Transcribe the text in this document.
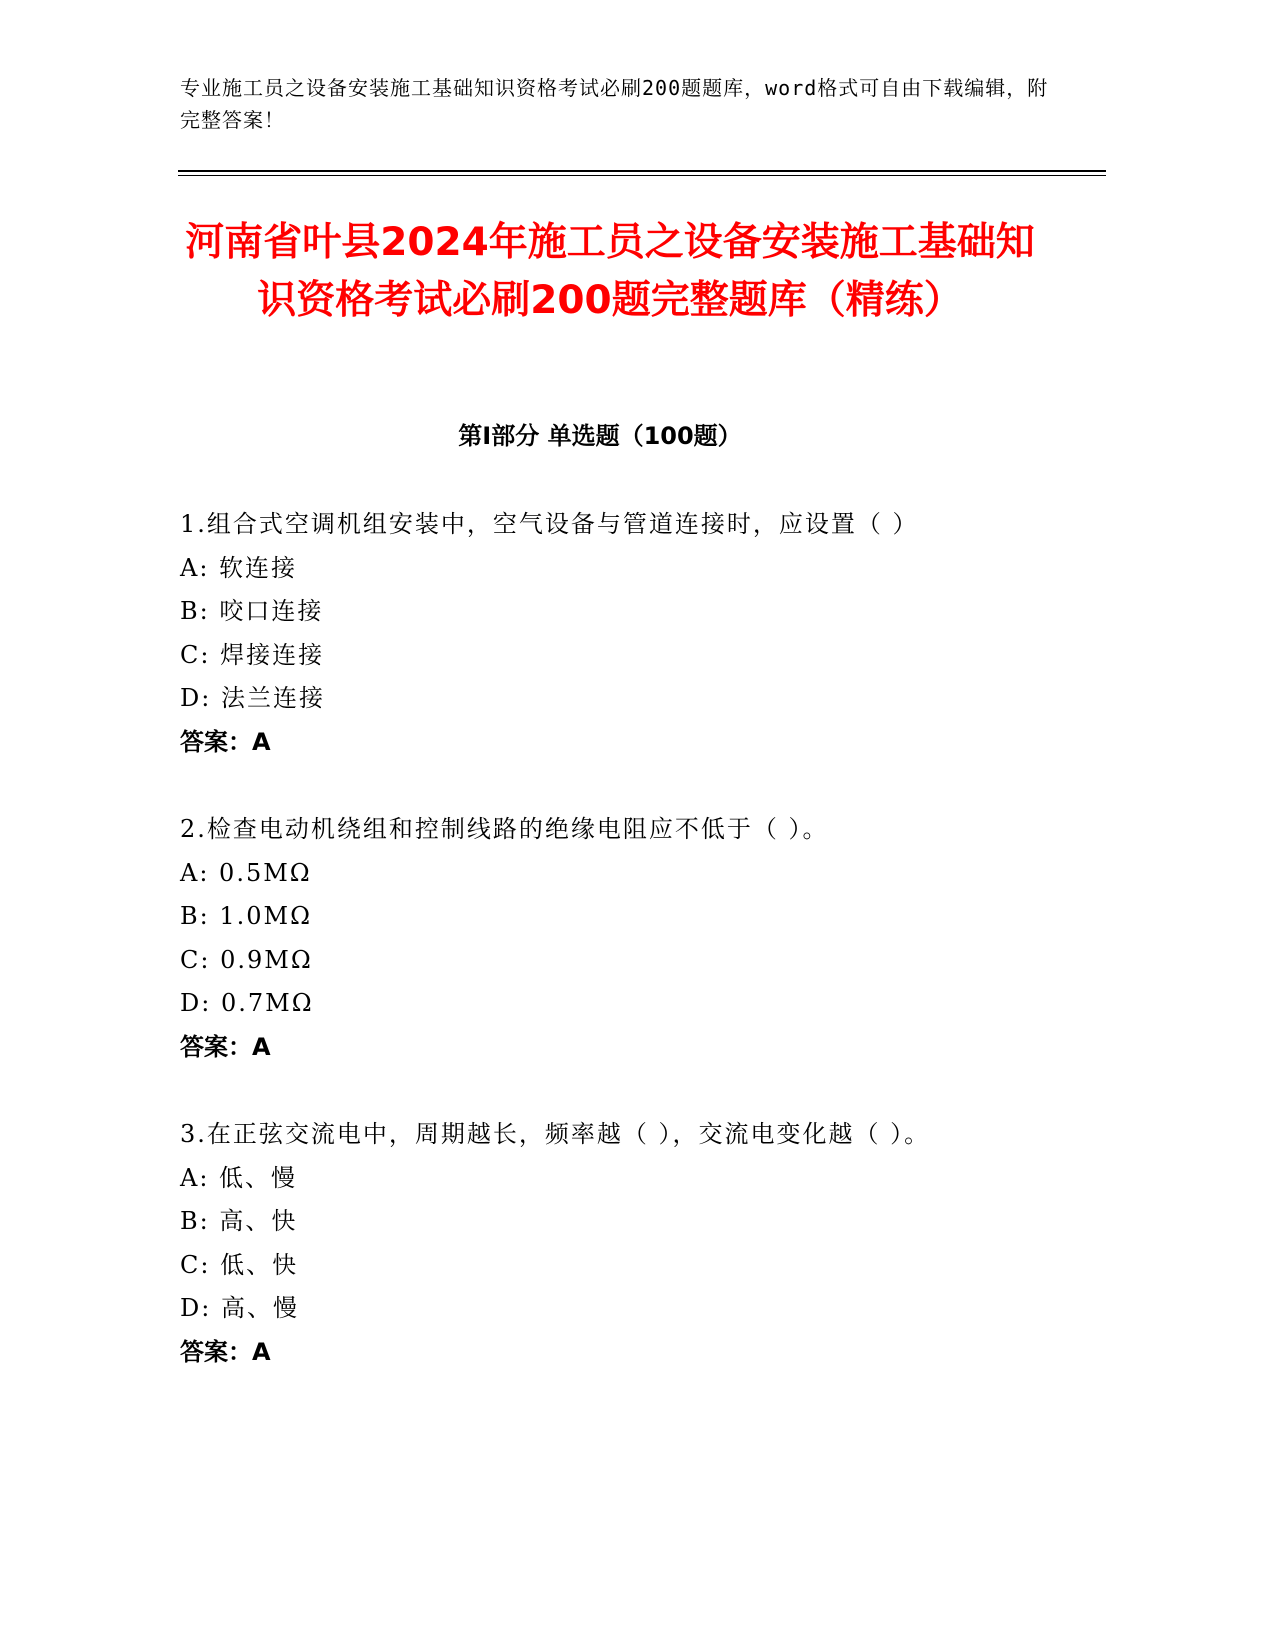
专业施工员之设备安装施工基础知识资格考试必刷200题题库，word格式可自由下载编辑，附完整答案！
河南省叶县2024年施工员之设备安装施工基础知识资格考试必刷200题完整题库（精练）
第I部分 单选题（100题）
1.组合式空调机组安装中，空气设备与管道连接时，应设置（ ）
A: 软连接
B: 咬口连接
C: 焊接连接
D: 法兰连接
答案：A
2.检查电动机绕组和控制线路的绝缘电阻应不低于（ ）。
A: 0.5MΩ
B: 1.0MΩ
C: 0.9MΩ
D: 0.7MΩ
答案：A
3.在正弦交流电中，周期越长，频率越（ ），交流电变化越（ ）。
A: 低、慢
B: 高、快
C: 低、快
D: 高、慢
答案：A
